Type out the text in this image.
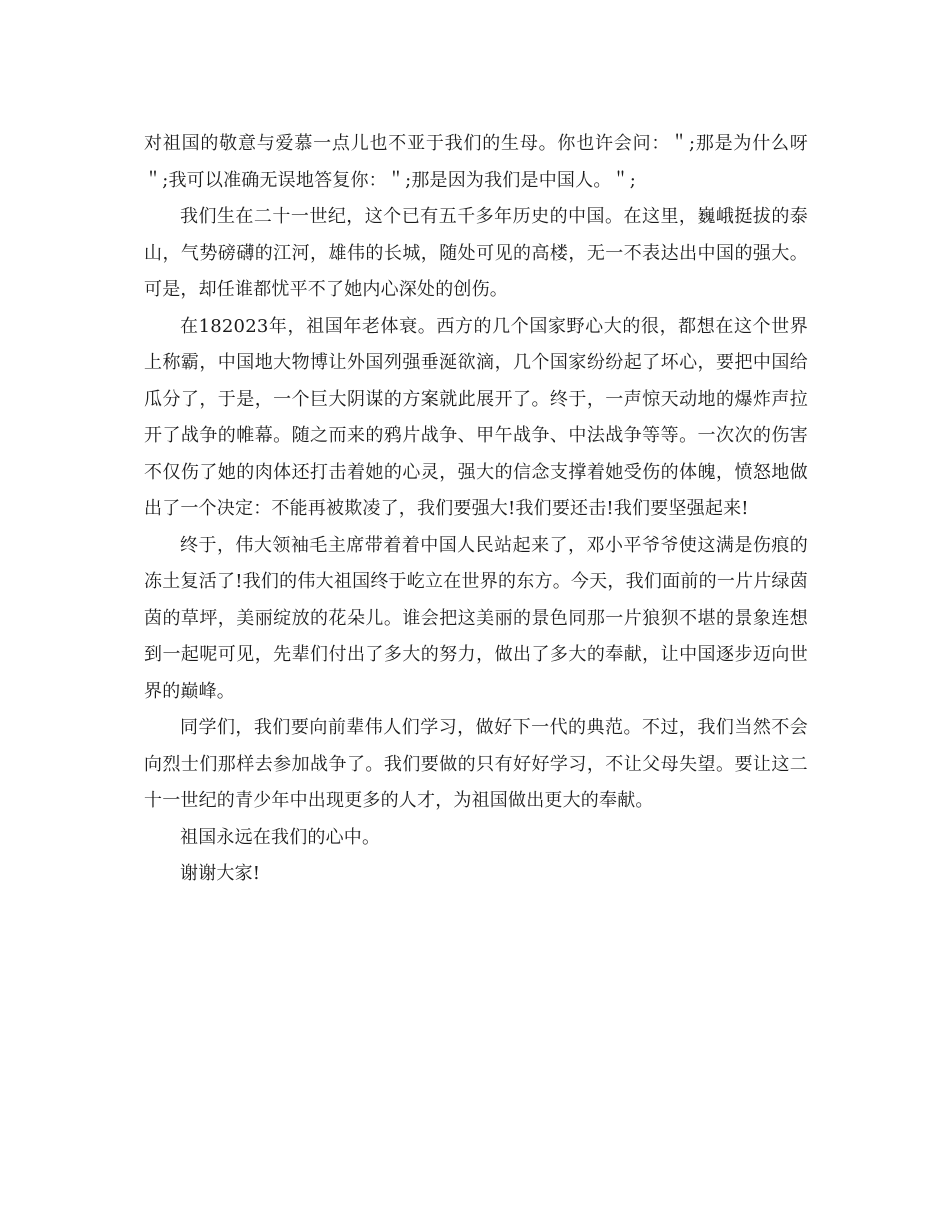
对祖国的敬意与爱慕一点儿也不亚于我们的生母。你也许会问：＂;那是为什么呀＂;我可以准确无误地答复你：＂;那是因为我们是中国人。＂;

我们生在二十一世纪，这个已有五千多年历史的中国。在这里，巍峨挺拔的泰山，气势磅礴的江河，雄伟的长城，随处可见的高楼，无一不表达出中国的强大。可是，却任谁都忧平不了她内心深处的创伤。

在182023年，祖国年老体衰。西方的几个国家野心大的很，都想在这个世界上称霸，中国地大物博让外国列强垂涎欲滴，几个国家纷纷起了坏心，要把中国给瓜分了，于是，一个巨大阴谋的方案就此展开了。终于，一声惊天动地的爆炸声拉开了战争的帷幕。随之而来的鸦片战争、甲午战争、中法战争等等。一次次的伤害不仅伤了她的肉体还打击着她的心灵，强大的信念支撑着她受伤的体魄，愤怒地做出了一个决定：不能再被欺凌了，我们要强大!我们要还击!我们要坚强起来!

终于，伟大领袖毛主席带着着中国人民站起来了，邓小平爷爷使这满是伤痕的冻土复活了!我们的伟大祖国终于屹立在世界的东方。今天，我们面前的一片片绿茵茵的草坪，美丽绽放的花朵儿。谁会把这美丽的景色同那一片狼狈不堪的景象连想到一起呢可见，先辈们付出了多大的努力，做出了多大的奉献，让中国逐步迈向世界的巅峰。

同学们，我们要向前辈伟人们学习，做好下一代的典范。不过，我们当然不会向烈士们那样去参加战争了。我们要做的只有好好学习，不让父母失望。要让这二十一世纪的青少年中出现更多的人才，为祖国做出更大的奉献。

祖国永远在我们的心中。

谢谢大家!
